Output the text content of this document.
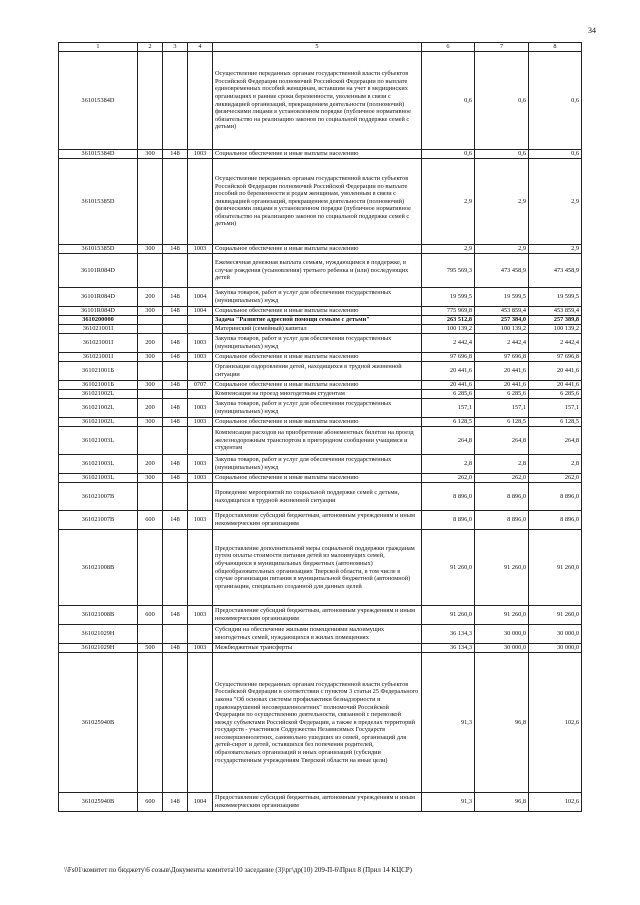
34
1	2	3	4	5	6	7	8
361015384D				Осуществление переданных органам государственной власти субъектов Российской Федерации полномочий Российской Федерации по выплате единовременных пособий женщинам, вставшим на учет в медицинских организациях в ранние сроки беременности, уволенным в связи с ликвидацией организаций, прекращением деятельности (полномочий) физическими лицами в установленном порядке (публичное нормативное обязательство на реализацию законов по социальной поддержке семей с детьми)	0,6	0,6	0,6
361015384D	300	148	1003	Социальное обеспечение и иные выплаты населению	0,6	0,6	0,6
361015385D				Осуществление переданных органам государственной власти субъектов Российской Федерации полномочий Российской Федерации по выплате пособий по беременности и родам женщинам, уволенным в связи с ликвидацией организаций, прекращением деятельности (полномочий) физическими лицами в установленном порядке (публичное нормативное обязательство на реализацию законов по социальной поддержке семей с детьми)	2,9	2,9	2,9
361015385D	300	148	1003	Социальное обеспечение и иные выплаты населению	2,9	2,9	2,9
36101R084D				Ежемесячная денежная выплата семьям, нуждающимся в поддержке, в случае рождения (усыновления) третьего ребенка и (или) последующих детей	795 569,3	473 458,9	473 458,9
36101R084D	200	148	1004	Закупка товаров, работ и услуг для обеспечения государственных (муниципальных) нужд	19 599,5	19 599,5	19 599,5
36101R084D	300	148	1004	Социальное обеспечение и иные выплаты населению	775 969,8	453 859,4	453 859,4
3610200000				Задача "Развитие адресной помощи семьям с детьми"	263 512,8	257 384,0	257 389,8
361021001I				Материнский (семейный) капитал	100 139,2	100 139,2	100 139,2
361021001I	200	148	1003	Закупка товаров, работ и услуг для обеспечения государственных (муниципальных) нужд	2 442,4	2 442,4	2 442,4
361021001I	300	148	1003	Социальное обеспечение и иные выплаты населению	97 696,8	97 696,8	97 696,8
361021001Б				Организация оздоровления детей, находящихся в трудной жизненной ситуации	20 441,6	20 441,6	20 441,6
361021001Б	300	148	0707	Социальное обеспечение и иные выплаты населению	20 441,6	20 441,6	20 441,6
361021002L				Компенсация на проезд многодетным студентам	6 285,6	6 285,6	6 285,6
361021002L	200	148	1003	Закупка товаров, работ и услуг для обеспечения государственных (муниципальных) нужд	157,1	157,1	157,1
361021002L	300	148	1003	Социальное обеспечение и иные выплаты населению	6 128,5	6 128,5	6 128,5
361021003L				Компенсация расходов на приобретение абонементных билетов на проезд железнодорожным транспортом в пригородном сообщении учащимся и студентам	264,8	264,8	264,8
361021003L	200	148	1003	Закупка товаров, работ и услуг для обеспечения государственных (муниципальных) нужд	2,8	2,8	2,8
361021003L	300	148	1003	Социальное обеспечение и иные выплаты населению	262,0	262,0	262,0
361021007B				Проведение мероприятий по социальной поддержке семей с детьми, находящихся в трудной жизненной ситуации	8 896,0	8 896,0	8 896,0
361021007B	600	148	1003	Предоставление субсидий бюджетным, автономным учреждениям и иным некоммерческим организациям	8 896,0	8 896,0	8 896,0
361021008B				Предоставление дополнительной меры социальной поддержки гражданам путем оплаты стоимости питания детей из малоимущих семей, обучающихся в муниципальных бюджетных (автономных) общеобразовательных организациях Тверской области, в том числе в случае организации питания в муниципальной бюджетной (автономной) организации, специально созданной для данных целей	91 260,0	91 260,0	91 260,0
361021008B	600	148	1003	Предоставление субсидий бюджетным, автономным учреждениям и иным некоммерческим организациям	91 260,0	91 260,0	91 260,0
361021029H				Субсидии на обеспечение жилыми помещениями малоимущих многодетных семей, нуждающихся в жилых помещениях	36 134,3	30 000,0	30 000,0
361021029H	500	148	1003	Межбюджетные трансферты	36 134,3	30 000,0	30 000,0
361025940B				Осуществление переданных органам государственной власти субъектов Российской Федерации в соответствии с пунктом 3 статьи 25 Федерального закона "Об основах системы профилактики безнадзорности и правонарушений несовершеннолетних" полномочий Российской Федерации по осуществлению деятельности, связанной с перевозкой между субъектами Российской Федерации, а также в пределах территорий государств - участников Содружества Независимых Государств несовершеннолетних, самовольно ушедших из семей, организаций для детей-сирот и детей, оставшихся без попечения родителей, образовательных организаций и иных организаций (субсидии государственным учреждениям Тверской области на иные цели)	91,3	96,8	102,6
361025940B	600	148	1004	Предоставление субсидий бюджетным, автономным учреждениям и иным некоммерческим организациям	91,3	96,8	102,6
\\Fs01\комитет по бюджету\6 созыв\Документы комитета\10 заседание (3)\рг\др(10) 209-П-6\Прил 8 (Прил 14 КЦСР)
